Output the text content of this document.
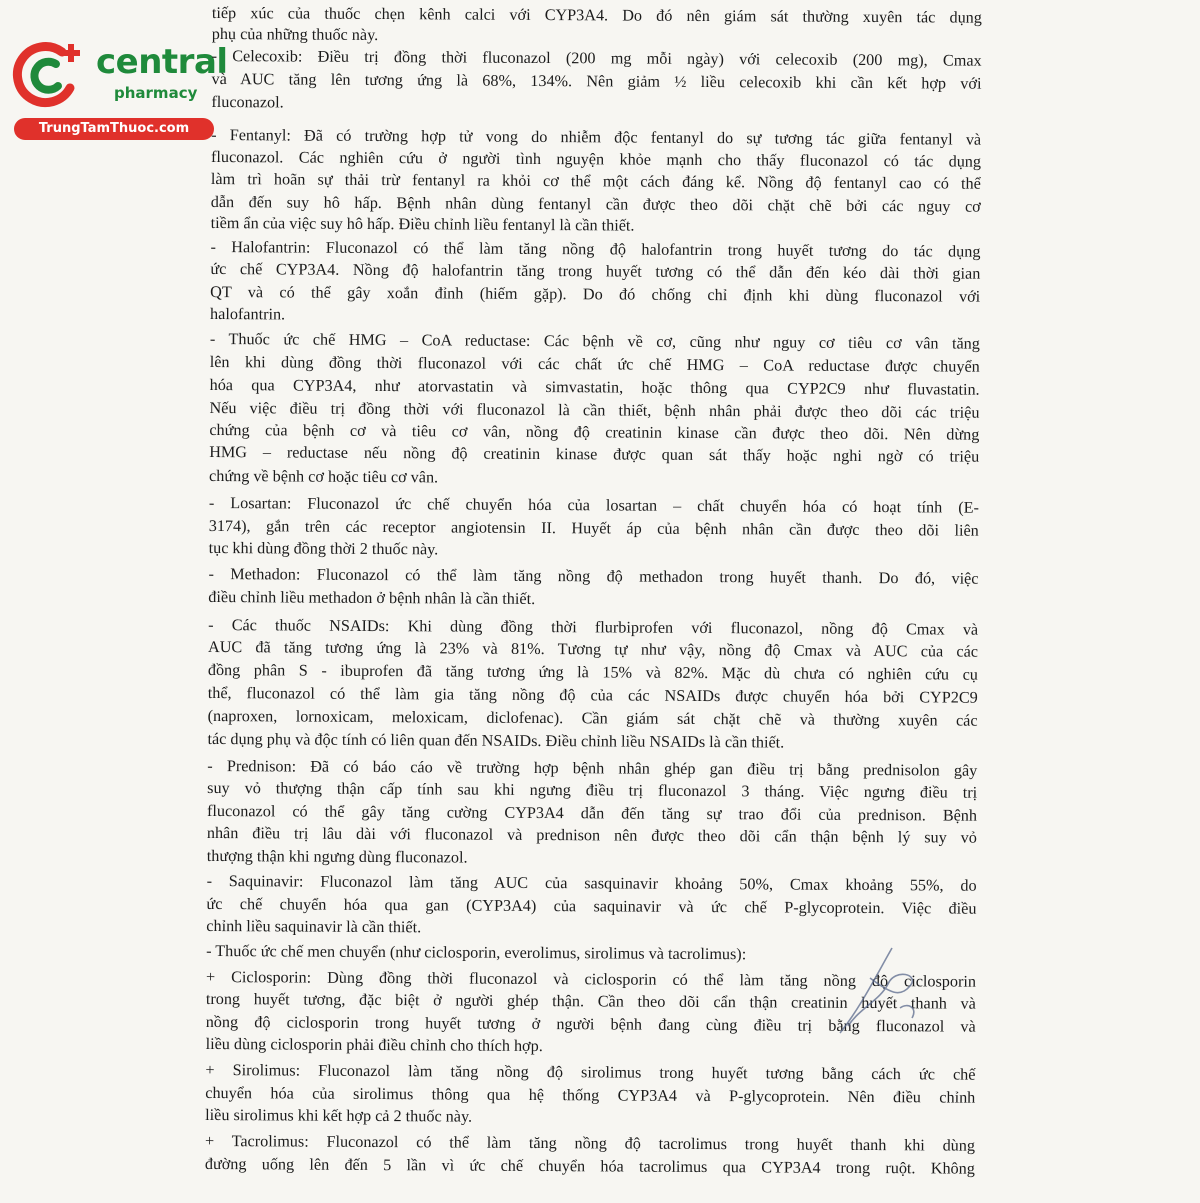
central
pharmacy
TrungTamThuoc.com
tiếp xúc của thuốc chẹn kênh calci với CYP3A4. Do đó nên giám sát thường xuyên tác dụng
phụ của những thuốc này.
- Celecoxib: Điều trị đồng thời fluconazol (200 mg mỗi ngày) với celecoxib (200 mg), Cmax
và AUC tăng lên tương ứng là 68%, 134%. Nên giảm ½ liều celecoxib khi cần kết hợp với
fluconazol.
- Fentanyl: Đã có trường hợp tử vong do nhiễm độc fentanyl do sự tương tác giữa fentanyl và
fluconazol. Các nghiên cứu ở người tình nguyện khỏe mạnh cho thấy fluconazol có tác dụng
làm trì hoãn sự thải trừ fentanyl ra khỏi cơ thể một cách đáng kể. Nồng độ fentanyl cao có thể
dẫn đến suy hô hấp. Bệnh nhân dùng fentanyl cần được theo dõi chặt chẽ bởi các nguy cơ
tiềm ẩn của việc suy hô hấp. Điều chỉnh liều fentanyl là cần thiết.
- Halofantrin: Fluconazol có thể làm tăng nồng độ halofantrin trong huyết tương do tác dụng
ức chế CYP3A4. Nồng độ halofantrin tăng trong huyết tương có thể dẫn đến kéo dài thời gian
QT và có thể gây xoắn đỉnh (hiếm gặp). Do đó chống chỉ định khi dùng fluconazol với
halofantrin.
- Thuốc ức chế HMG – CoA reductase: Các bệnh về cơ, cũng như nguy cơ tiêu cơ vân tăng
lên khi dùng đồng thời fluconazol với các chất ức chế HMG – CoA reductase được chuyển
hóa qua CYP3A4, như atorvastatin và simvastatin, hoặc thông qua CYP2C9 như fluvastatin.
Nếu việc điều trị đồng thời với fluconazol là cần thiết, bệnh nhân phải được theo dõi các triệu
chứng của bệnh cơ và tiêu cơ vân, nồng độ creatinin kinase cần được theo dõi. Nên dừng
HMG – reductase nếu nồng độ creatinin kinase được quan sát thấy hoặc nghi ngờ có triệu
chứng về bệnh cơ hoặc tiêu cơ vân.
- Losartan: Fluconazol ức chế chuyển hóa của losartan – chất chuyển hóa có hoạt tính (E-
3174), gắn trên các receptor angiotensin II. Huyết áp của bệnh nhân cần được theo dõi liên
tục khi dùng đồng thời 2 thuốc này.
- Methadon: Fluconazol có thể làm tăng nồng độ methadon trong huyết thanh. Do đó, việc
điều chỉnh liều methadon ở bệnh nhân là cần thiết.
- Các thuốc NSAIDs: Khi dùng đồng thời flurbiprofen với fluconazol, nồng độ Cmax và
AUC đã tăng tương ứng là 23% và 81%. Tương tự như vậy, nồng độ Cmax và AUC của các
đồng phân S - ibuprofen đã tăng tương ứng là 15% và 82%. Mặc dù chưa có nghiên cứu cụ
thể, fluconazol có thể làm gia tăng nồng độ của các NSAIDs được chuyển hóa bởi CYP2C9
(naproxen, lornoxicam, meloxicam, diclofenac). Cần giám sát chặt chẽ và thường xuyên các
tác dụng phụ và độc tính có liên quan đến NSAIDs. Điều chỉnh liều NSAIDs là cần thiết.
- Prednison: Đã có báo cáo về trường hợp bệnh nhân ghép gan điều trị bằng prednisolon gây
suy vỏ thượng thận cấp tính sau khi ngưng điều trị fluconazol 3 tháng. Việc ngưng điều trị
fluconazol có thể gây tăng cường CYP3A4 dẫn đến tăng sự trao đổi của prednison. Bệnh
nhân điều trị lâu dài với fluconazol và prednison nên được theo dõi cẩn thận bệnh lý suy vỏ
thượng thận khi ngưng dùng fluconazol.
- Saquinavir: Fluconazol làm tăng AUC của sasquinavir khoảng 50%, Cmax khoảng 55%, do
ức chế chuyển hóa qua gan (CYP3A4) của saquinavir và ức chế P-glycoprotein. Việc điều
chỉnh liều saquinavir là cần thiết.
- Thuốc ức chế men chuyển (như ciclosporin, everolimus, sirolimus và tacrolimus):
+ Ciclosporin: Dùng đồng thời fluconazol và ciclosporin có thể làm tăng nồng độ ciclosporin
trong huyết tương, đặc biệt ở người ghép thận. Cần theo dõi cẩn thận creatinin huyết thanh và
nồng độ ciclosporin trong huyết tương ở người bệnh đang cùng điều trị bằng fluconazol và
liều dùng ciclosporin phải điều chỉnh cho thích hợp.
+ Sirolimus: Fluconazol làm tăng nồng độ sirolimus trong huyết tương bằng cách ức chế
chuyển hóa của sirolimus thông qua hệ thống CYP3A4 và P-glycoprotein. Nên điều chỉnh
liều sirolimus khi kết hợp cả 2 thuốc này.
+ Tacrolimus: Fluconazol có thể làm tăng nồng độ tacrolimus trong huyết thanh khi dùng
đường uống lên đến 5 lần vì ức chế chuyển hóa tacrolimus qua CYP3A4 trong ruột. Không
